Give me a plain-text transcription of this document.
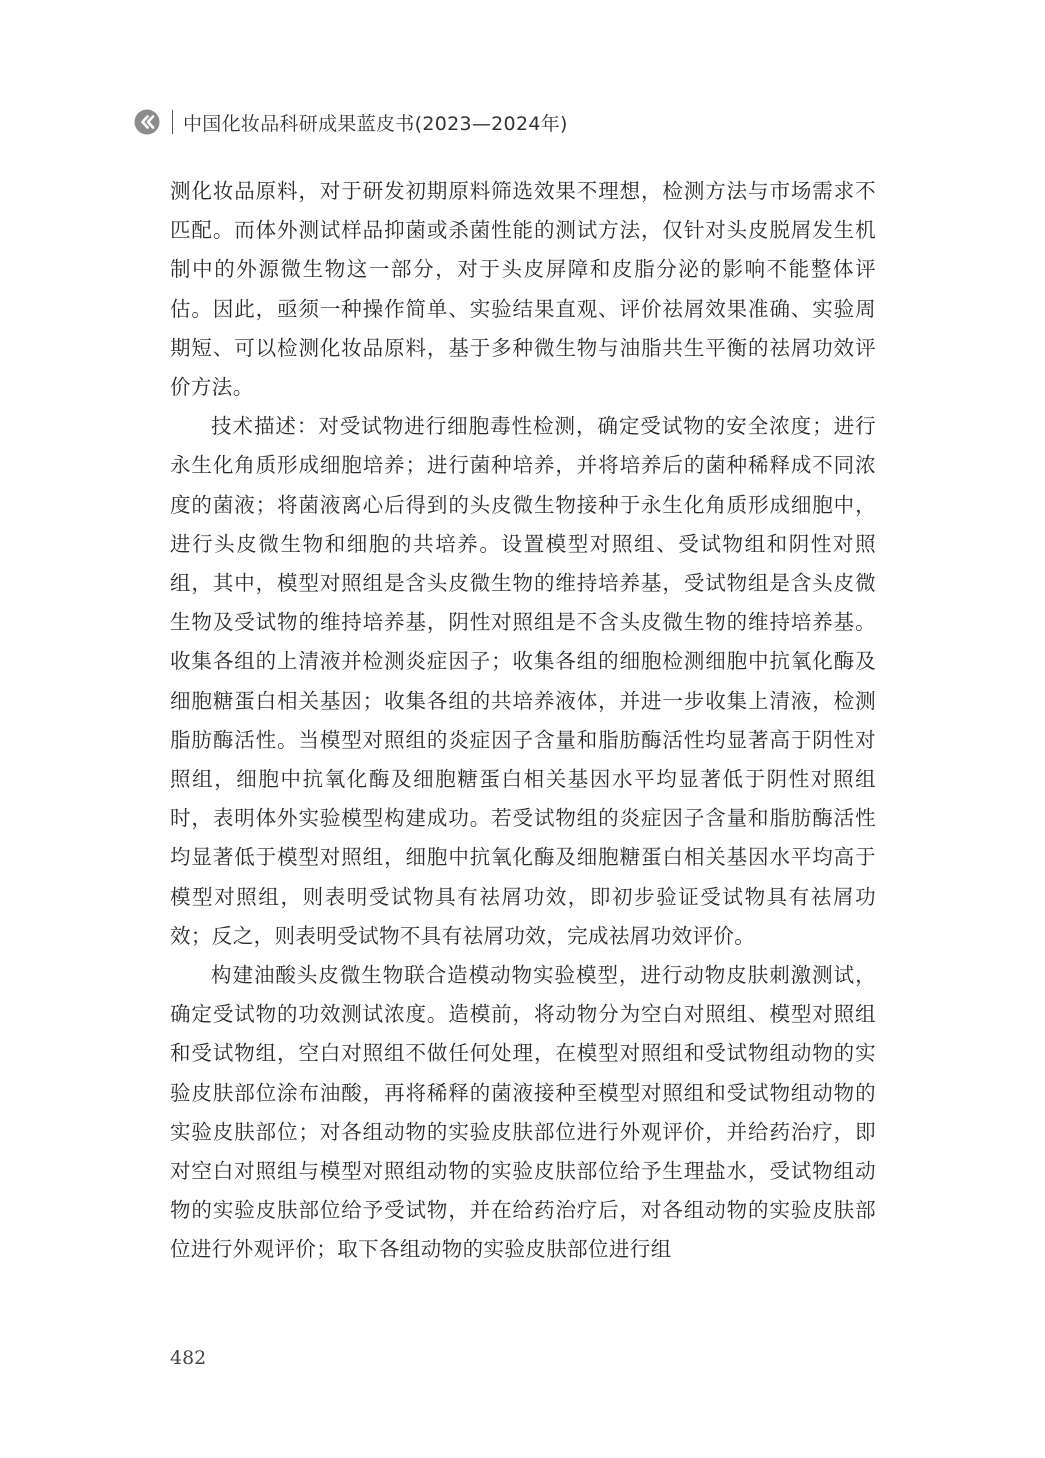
中国化妆品科研成果蓝皮书(2023—2024年)

测化妆品原料，对于研发初期原料筛选效果不理想，检测方法与市场需求不匹配。而体外测试样品抑菌或杀菌性能的测试方法，仅针对头皮脱屑发生机制中的外源微生物这一部分，对于头皮屏障和皮脂分泌的影响不能整体评估。因此，亟须一种操作简单、实验结果直观、评价祛屑效果准确、实验周期短、可以检测化妆品原料，基于多种微生物与油脂共生平衡的祛屑功效评价方法。

技术描述：对受试物进行细胞毒性检测，确定受试物的安全浓度；进行永生化角质形成细胞培养；进行菌种培养，并将培养后的菌种稀释成不同浓度的菌液；将菌液离心后得到的头皮微生物接种于永生化角质形成细胞中，进行头皮微生物和细胞的共培养。设置模型对照组、受试物组和阴性对照组，其中，模型对照组是含头皮微生物的维持培养基，受试物组是含头皮微生物及受试物的维持培养基，阴性对照组是不含头皮微生物的维持培养基。收集各组的上清液并检测炎症因子；收集各组的细胞检测细胞中抗氧化酶及细胞糖蛋白相关基因；收集各组的共培养液体，并进一步收集上清液，检测脂肪酶活性。当模型对照组的炎症因子含量和脂肪酶活性均显著高于阴性对照组，细胞中抗氧化酶及细胞糖蛋白相关基因水平均显著低于阴性对照组时，表明体外实验模型构建成功。若受试物组的炎症因子含量和脂肪酶活性均显著低于模型对照组，细胞中抗氧化酶及细胞糖蛋白相关基因水平均高于模型对照组，则表明受试物具有祛屑功效，即初步验证受试物具有祛屑功效；反之，则表明受试物不具有祛屑功效，完成祛屑功效评价。

构建油酸头皮微生物联合造模动物实验模型，进行动物皮肤刺激测试，确定受试物的功效测试浓度。造模前，将动物分为空白对照组、模型对照组和受试物组，空白对照组不做任何处理，在模型对照组和受试物组动物的实验皮肤部位涂布油酸，再将稀释的菌液接种至模型对照组和受试物组动物的实验皮肤部位；对各组动物的实验皮肤部位进行外观评价，并给药治疗，即对空白对照组与模型对照组动物的实验皮肤部位给予生理盐水，受试物组动物的实验皮肤部位给予受试物，并在给药治疗后，对各组动物的实验皮肤部位进行外观评价；取下各组动物的实验皮肤部位进行组

482
